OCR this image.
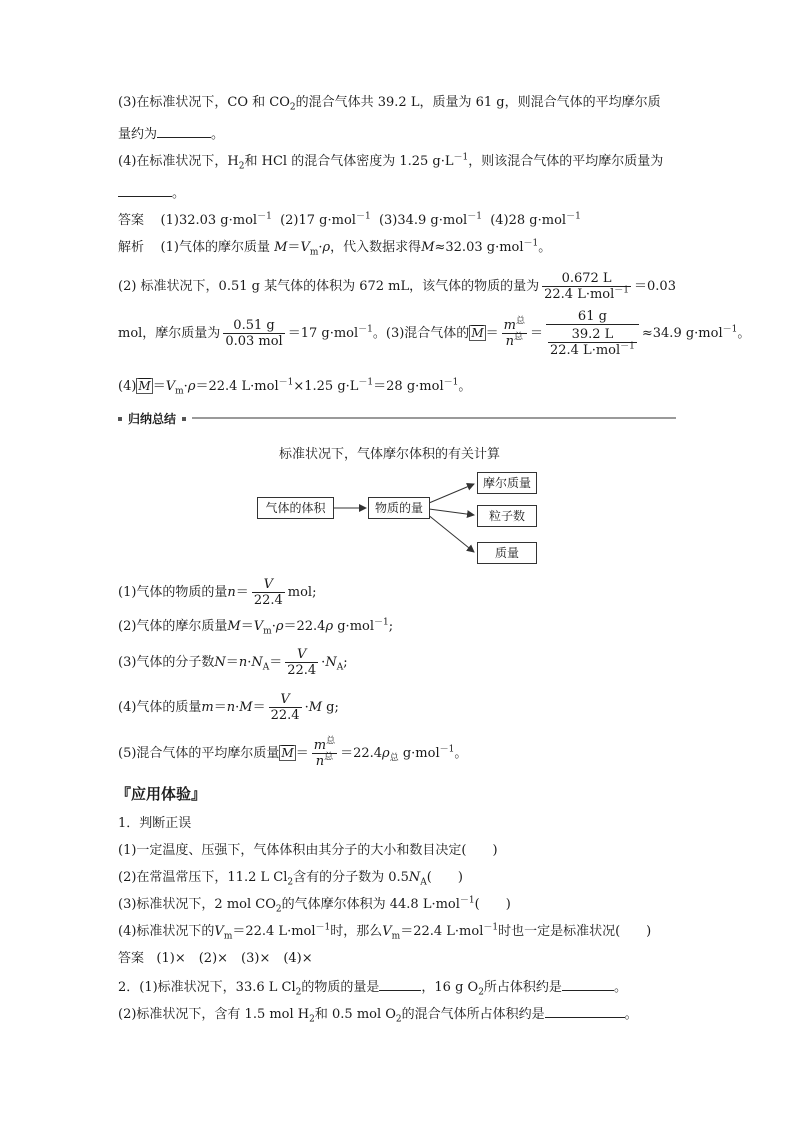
(3)在标准状况下，CO 和 $CO_2$的混合气体共 39.2 L，质量为 61 g，则混合气体的平均摩尔质
量约为	。
(4)在标准状况下，$H_2$和 HCl 的混合气体密度为 1.25 $g\cdot L^{-1}$，则该混合气体的平均摩尔质量为
。
答案 (1)32.03 g·mol$^{-1}$ (2)17 g·mol$^{-1}$ (3)34.9 g·mol$^{-1}$ (4)28 g·mol$^{-1}$
解析 (1)气体的摩尔质量 $M=V_m\cdot\rho$，代入数据求得M≈32.03 g·mol$^{-1}$。
(2) 标准状况下，0.51 g 某气体的体积为 672 mL，该气体的物质的量为 $\frac{0.672 L}{22.4 L\cdot mol^{-1}} =0.03$
mol，摩尔质量为 $\frac{0.51 g}{\text{0.03 mol}} =17$ g·mol$^{-1}$。(3)混合气体的 $\overline{M} = \frac{m^总}{n^总} = \frac{61 g}{\frac{39.2 L}{22.4 L\cdot mol^{-1}}} \approx 34.9$ g·mol$^{-1}$。
(4) $\overline{M} =V_m\cdot\rho=22.4$ L·mol$^{-1}$×1.25 $g\cdot L^{-1}=28$ g·mol$^{-1}$。
归纳总结
标准状况下，气体摩尔体积的有关计算
气体的体积	物质的量
摩尔质量
粒子数
质量
(1)气体的物质的量$n= \frac{V}{22.4}$ mol;
(2)气体的摩尔质量$M=V_m\cdot\rho=22.4\rho$ g·mol$^{-1}$;
(3)气体的分子数$N=n\cdot N_A= \frac{V}{22.4} \cdot N_A$;
(4)气体的质量$m=n\cdot M= \frac{V}{22.4} \cdot M$ g;
(5)混合气体的平均摩尔质量 $\overline{M} = \frac{m^总}{n^总} =22.4\rho_总$ g·mol$^{-1}$。
『应用体验』
1．判断正误
(1)一定温度、压强下，气体体积由其分子的大小和数目决定( )
(2)在常温常压下，11.2 L $Cl_2$含有的分子数为 $0.5N_A$( )
(3)标准状况下，2 mol $CO_2$的气体摩尔体积为 44.8 L·mol$^{-1}$( )
(4)标准状况下的$V_m=22.4$ L·mol$^{-1}$时，那么$V_m=22.4$ L·mol$^{-1}$时也一定是标准状况( )
答案 (1)×　(2)×　(3)×　(4)×
2．(1)标准状况下，33.6 L $Cl_2$的物质的量是	，16 g $O_2$所占体积约是	。
(2)标准状况下，含有 1.5 mol $H_2$和 0.5 mol $O_2$的混合气体所占体积约是	。
